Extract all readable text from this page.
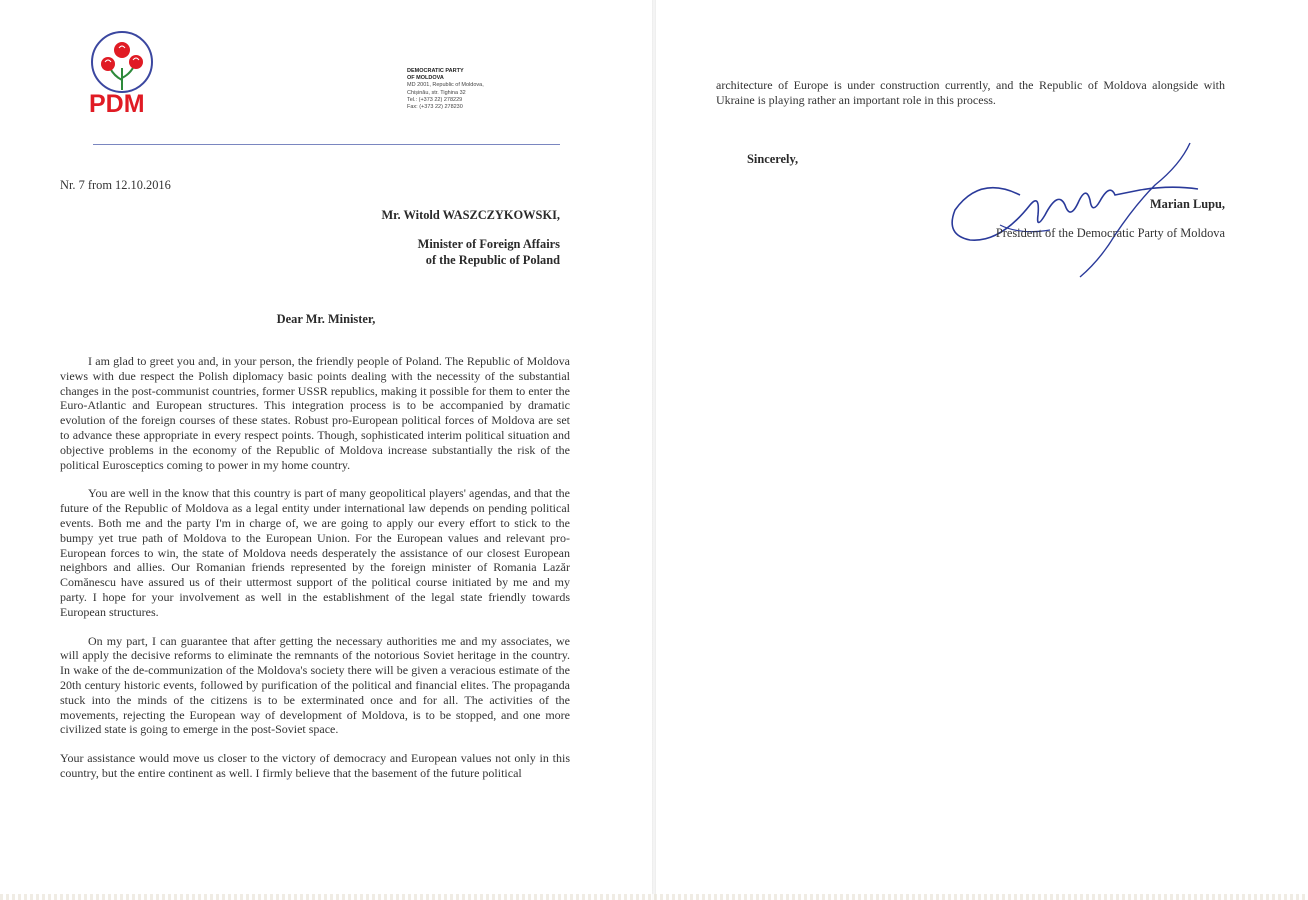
PDM
DEMOCRATIC PARTY
OF MOLDOVA
MD 2001, Republic of Moldova,
Chișinău, str. Tighina 32
Tel.: (+373 22) 278229
Fax: (+373 22) 278230
Nr. 7 from 12.10.2016
Mr. Witold WASZCZYKOWSKI,
Minister of Foreign Affairs
of the Republic of Poland
Dear Mr. Minister,

I am glad to greet you and, in your person, the friendly people of Poland. The Republic of Moldova views with due respect the Polish diplomacy basic points dealing with the necessity of the substantial changes in the post-communist countries, former USSR republics, making it possible for them to enter the Euro-Atlantic and European structures. This integration process is to be accompanied by dramatic evolution of the foreign courses of these states. Robust pro-European political forces of Moldova are set to advance these appropriate in every respect points. Though, sophisticated interim political situation and objective problems in the economy of the Republic of Moldova increase substantially the risk of the political Eurosceptics coming to power in my home country.

You are well in the know that this country is part of many geopolitical players' agendas, and that the future of the Republic of Moldova as a legal entity under international law depends on pending political events. Both me and the party I'm in charge of, we are going to apply our every effort to stick to the bumpy yet true path of Moldova to the European Union. For the European values and relevant pro-European forces to win, the state of Moldova needs desperately the assistance of our closest European neighbors and allies. Our Romanian friends represented by the foreign minister of Romania Lazăr Comănescu have assured us of their uttermost support of the political course initiated by me and my party. I hope for your involvement as well in the establishment of the legal state friendly towards European structures.

On my part, I can guarantee that after getting the necessary authorities me and my associates, we will apply the decisive reforms to eliminate the remnants of the notorious Soviet heritage in the country. In wake of the de-communization of the Moldova's society there will be given a veracious estimate of the 20th century historic events, followed by purification of the political and financial elites. The propaganda stuck into the minds of the citizens is to be exterminated once and for all. The activities of the movements, rejecting the European way of development of Moldova, is to be stopped, and one more civilized state is going to emerge in the post-Soviet space.

Your assistance would move us closer to the victory of democracy and European values not only in this country, but the entire continent as well. I firmly believe that the basement of the future political

architecture of Europe is under construction currently, and the Republic of Moldova alongside with Ukraine is playing rather an important role in this process.
Sincerely,
Marian Lupu,
President of the Democratic Party of Moldova
